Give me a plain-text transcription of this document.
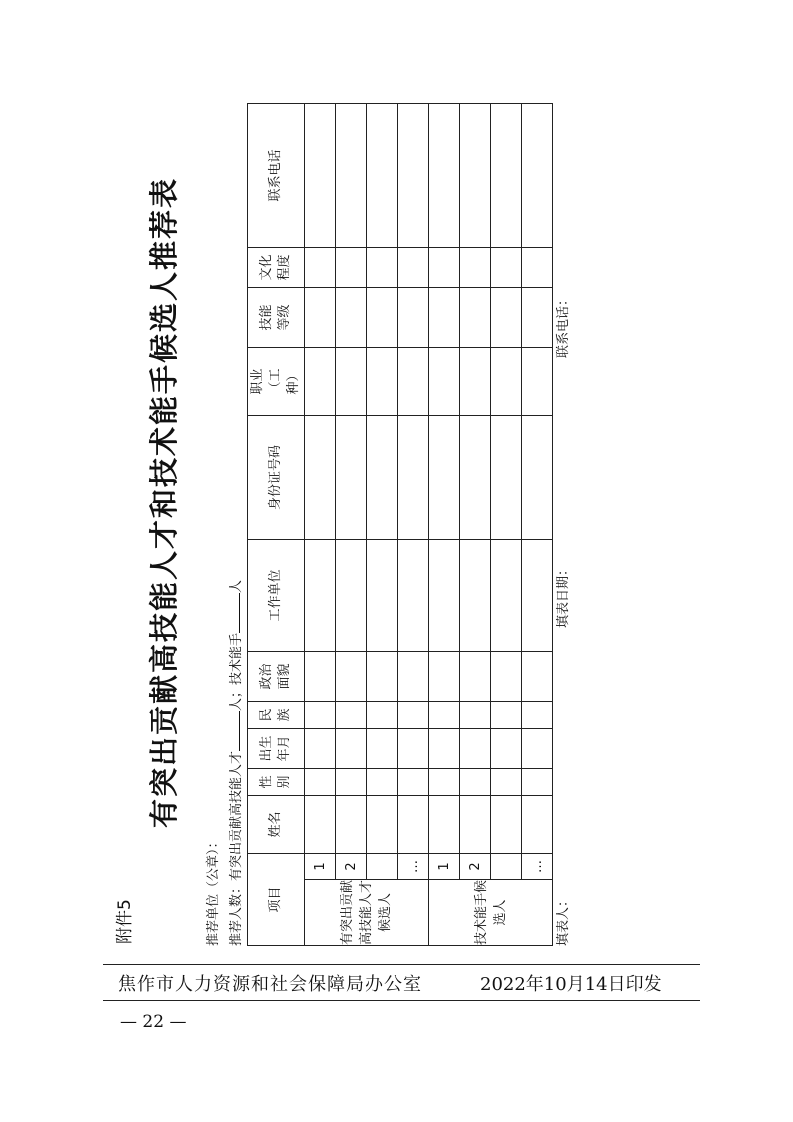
附件5
有突出贡献高技能人才和技术能手候选人推荐表
推荐单位（公章）： 推荐人数：有突出贡献高技能人才人；技术能手人
项目		姓名	性别	出生年月	民族	政治面貌	工作单位	身份证号码	职业（工种）	技能等级	文化程度	联系电话
有突出贡献高技能人才候选人	1											
	2											

	…											
技术能手候选人	1											
	2											

	…											
填表人：
填表日期：
联系电话：
焦作市人力资源和社会保障局办公室	2022年10月14日印发
— 22 —
